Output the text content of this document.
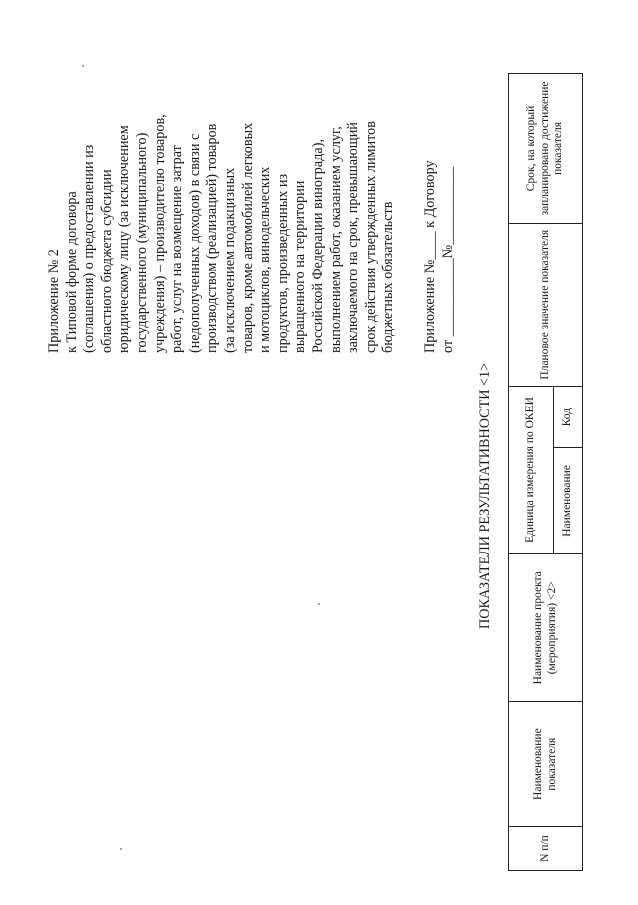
Приложение № 2 к Типовой форме договора (соглашения) о предоставлении из областного бюджета субсидии юридическому лицу (за исключением государственного (муниципального) учреждения) – производителю товаров, работ, услуг на возмещение затрат (недополученных доходов) в связи с производством (реализацией) товаров (за исключением подакцизных товаров, кроме автомобилей легковых и мотоциклов, винодельческих продуктов, произведенных из выращенного на территории Российской Федерации винограда), выполнением работ, оказанием услуг, заключаемого на срок, превышающий срок действия утвержденных лимитов бюджетных обязательств Приложение №____ к Договору от ___________№___________
ПОКАЗАТЕЛИ РЕЗУЛЬТАТИВНОСТИ <1>
N п/п	Наименование показателя	Наименование проекта (мероприятия) <2>	Единица измерения по ОКЕИ		Плановое значение показателя	Срок, на который запланировано достижение показателя
			Наименование	Код		
